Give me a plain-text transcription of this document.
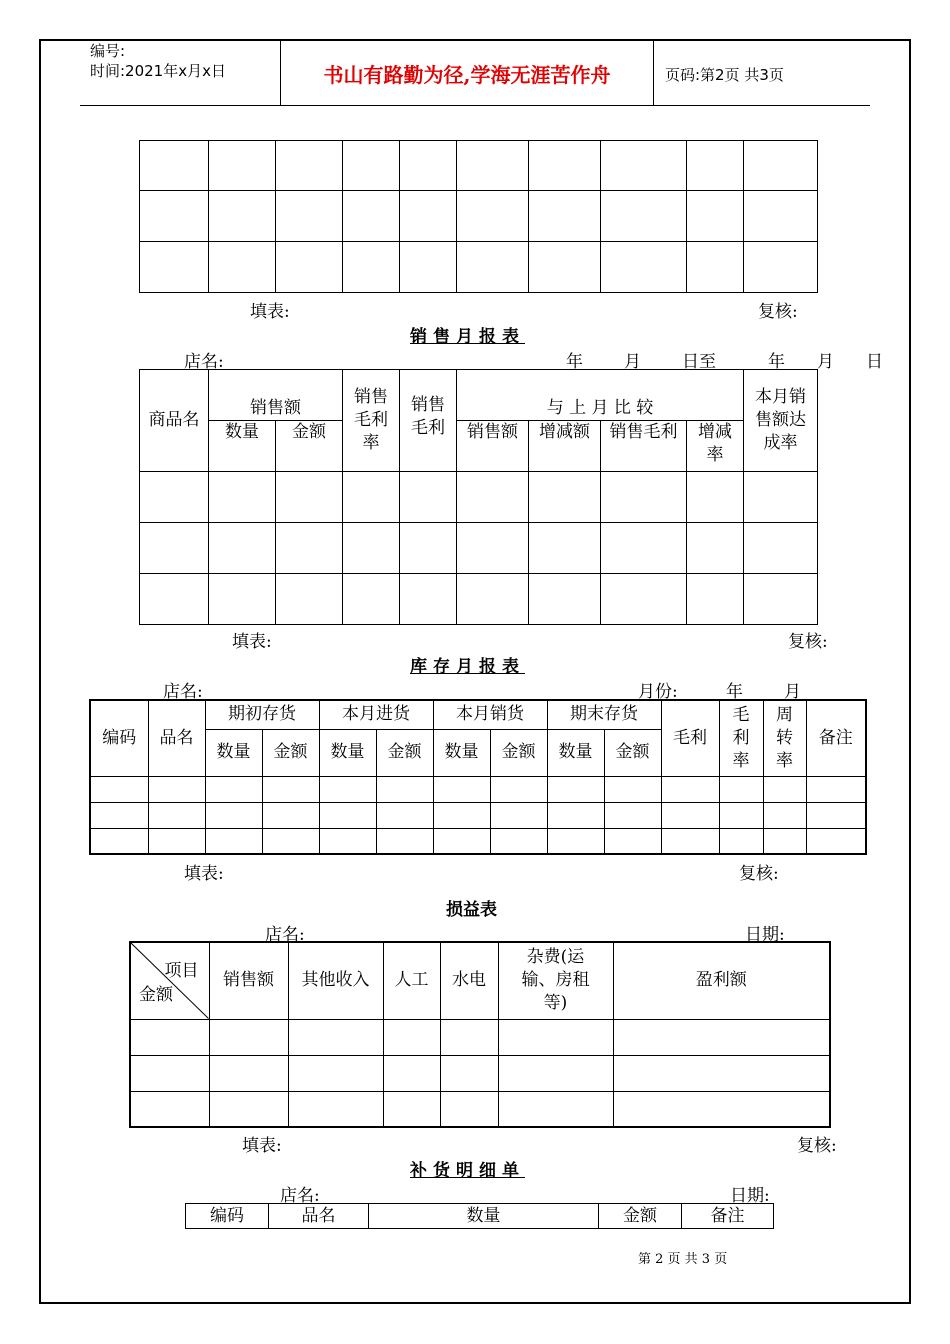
编号:
时间:2021年x月x日	书山有路勤为径,学海无涯苦作舟	页码:第2页 共3页

填表:	复核:
销售月报表
店名:	年 月 日至	年 月 日
商品名	销售额		销售毛利率	销售毛利	与 上 月 比 较				本月销售额达成率
	数量	金额			销售额	增减额	销售毛利	增减率	

填表:	复核:
库存月报表
店名:	月份:	年 月
编码	品名	期初存货		本月进货		本月销货		期末存货		毛利	毛利率	周转率	备注
		数量	金额	数量	金额	数量	金额	数量	金额				

填表:	复核:
损益表
店名:	日期:
项目
金额	销售额	其他收入	人工	水电	杂费(运输、房租等)	盈利额

填表:	复核:
补货明细单
店名:	日期:
编码	品名	数量	金额	备注
第 2 页 共 3 页
